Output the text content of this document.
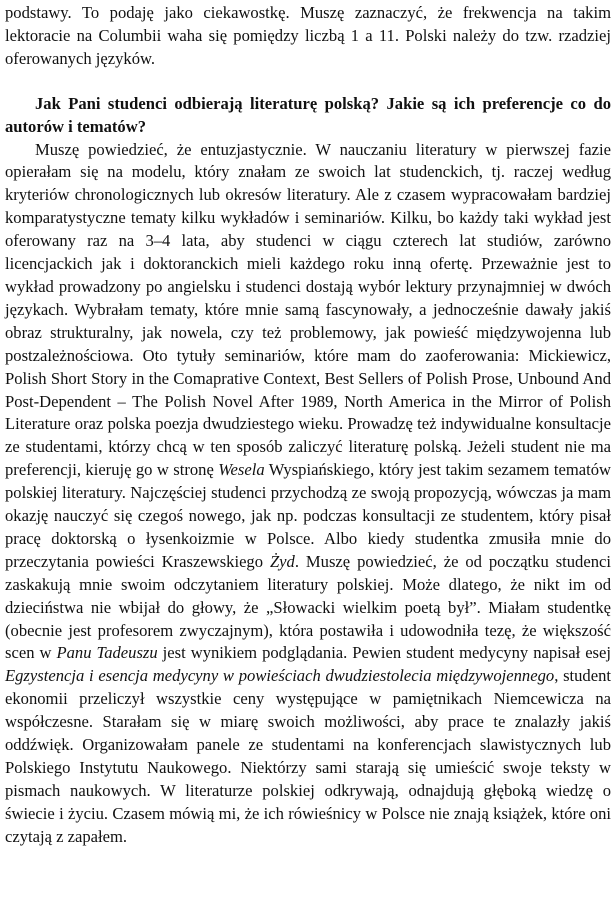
podstawy. To podaję jako ciekawostkę. Muszę zaznaczyć, że frekwencja na takim lektoracie na Columbii waha się pomiędzy liczbą 1 a 11. Polski należy do tzw. rzadziej oferowanych języków.

Jak Pani studenci odbierają literaturę polską? Jakie są ich preferencje co do autorów i tematów?

Muszę powiedzieć, że entuzjastycznie. W nauczaniu literatury w pierwszej fazie opierałam się na modelu, który znałam ze swoich lat studenckich, tj. raczej według kryteriów chronologicznych lub okresów literatury. Ale z czasem wypracowałam bardziej komparatystyczne tematy kilku wykładów i seminariów. Kilku, bo każdy taki wykład jest oferowany raz na 3–4 lata, aby studenci w ciągu czterech lat studiów, zarówno licencjackich jak i doktoranckich mieli każdego roku inną ofertę. Przeważnie jest to wykład prowadzony po angielsku i studenci dostają wybór lektury przynajmniej w dwóch językach. Wybrałam tematy, które mnie samą fascynowały, a jednocześnie dawały jakiś obraz strukturalny, jak nowela, czy też problemowy, jak powieść międzywojenna lub postzależnościowa. Oto tytuły seminariów, które mam do zaoferowania: Mickiewicz, Polish Short Story in the Comaprative Context, Best Sellers of Polish Prose, Unbound And Post-Dependent – The Polish Novel After 1989, North America in the Mirror of Polish Literature oraz polska poezja dwudziestego wieku. Prowadzę też indywidualne konsultacje ze studentami, którzy chcą w ten sposób zaliczyć literaturę polską. Jeżeli student nie ma preferencji, kieruję go w stronę Wesela Wyspiańskiego, który jest takim sezamem tematów polskiej literatury. Najczęściej studenci przychodzą ze swoją propozycją, wówczas ja mam okazję nauczyć się czegoś nowego, jak np. podczas konsultacji ze studentem, który pisał pracę doktorską o łysenkoizmie w Polsce. Albo kiedy studentka zmusiła mnie do przeczytania powieści Kraszewskiego Żyd. Muszę powiedzieć, że od początku studenci zaskakują mnie swoim odczytaniem literatury polskiej. Może dlatego, że nikt im od dzieciństwa nie wbijał do głowy, że „Słowacki wielkim poetą był”. Miałam studentkę (obecnie jest profesorem zwyczajnym), która postawiła i udowodniła tezę, że większość scen w Panu Tadeuszu jest wynikiem podglądania. Pewien student medycyny napisał esej Egzystencja i esencja medycyny w powieściach dwudziestolecia międzywojennego, student ekonomii przeliczył wszystkie ceny występujące w pamiętnikach Niemcewicza na współczesne. Starałam się w miarę swoich możliwości, aby prace te znalazły jakiś oddźwięk. Organizowałam panele ze studentami na konferencjach slawistycznych lub Polskiego Instytutu Naukowego. Niektórzy sami starają się umieścić swoje teksty w pismach naukowych. W literaturze polskiej odkrywają, odnajdują głęboką wiedzę o świecie i życiu. Czasem mówią mi, że ich rówieśnicy w Polsce nie znają książek, które oni czytają z zapałem.
